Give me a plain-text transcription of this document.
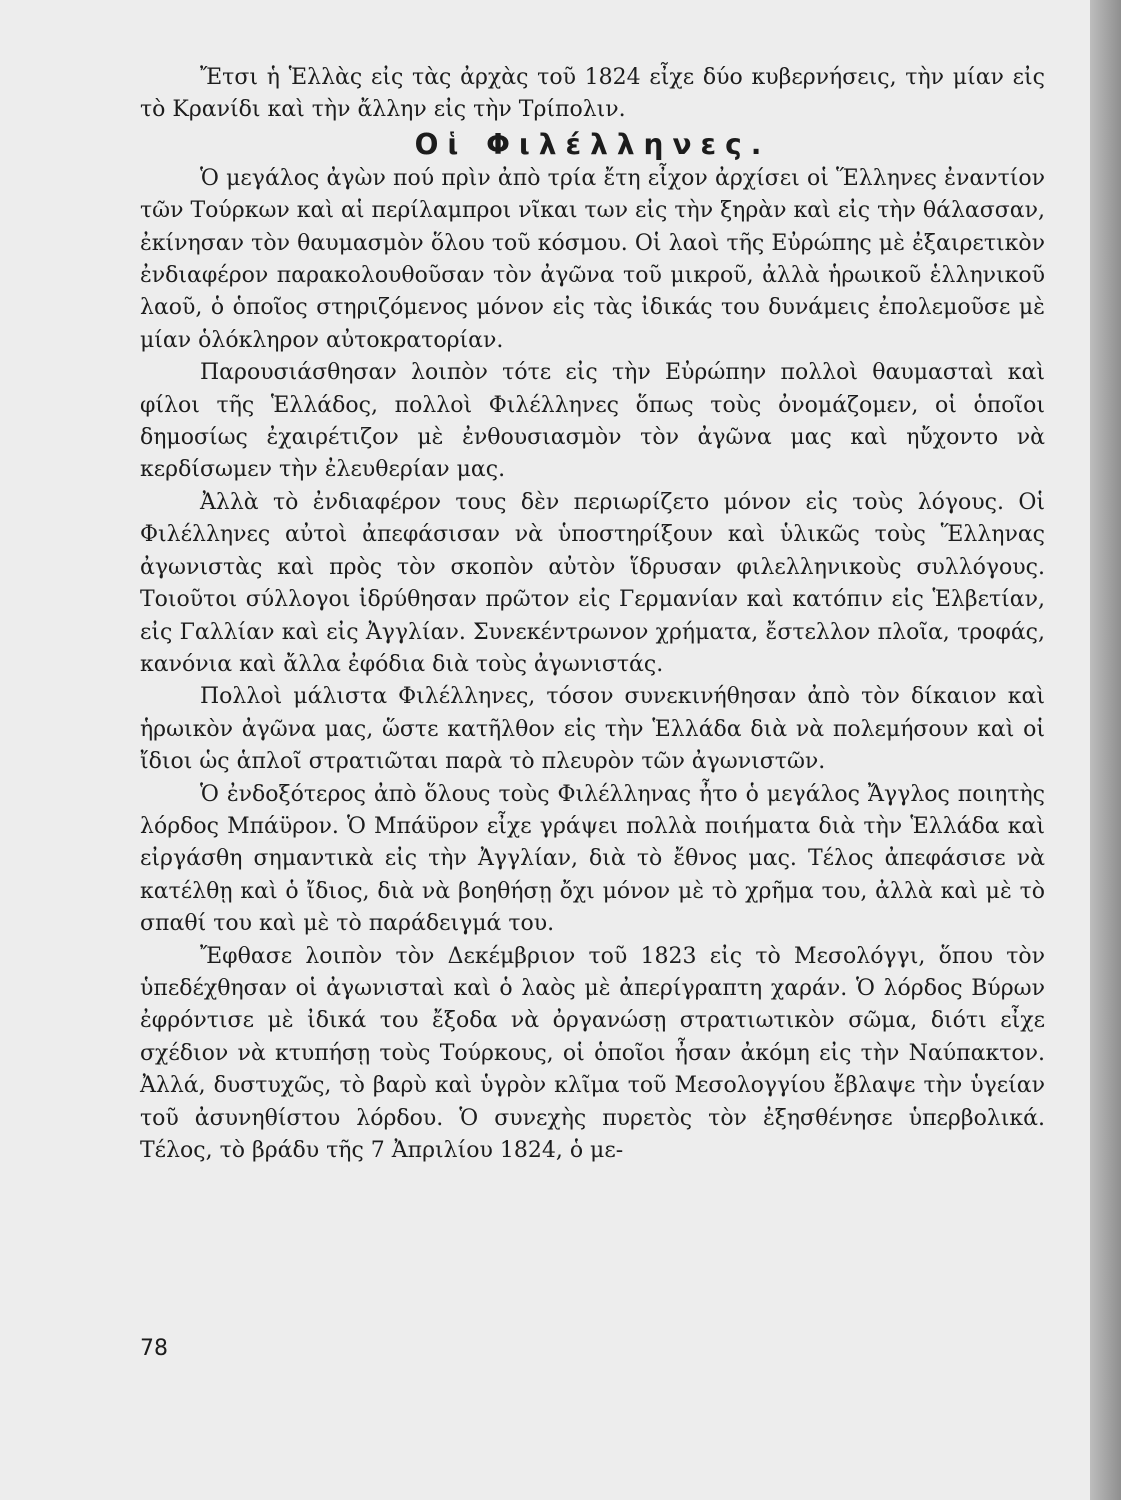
Ἔτσι ἡ Ἑλλὰς εἰς τὰς ἀρχὰς τοῦ 1824 εἶχε δύο κυβερνήσεις, τὴν μίαν εἰς τὸ Κρανίδι καὶ τὴν ἄλλην εἰς τὴν Τρίπολιν.

Οἱ Φιλέλληνες.

Ὁ μεγάλος ἀγὼν πού πρὶν ἀπὸ τρία ἔτη εἶχον ἀρχίσει οἱ Ἕλληνες ἐναντίον τῶν Τούρκων καὶ αἱ περίλαμπροι νῖκαι των εἰς τὴν ξηρὰν καὶ εἰς τὴν θάλασσαν, ἐκίνησαν τὸν θαυμασμὸν ὅλου τοῦ κόσμου. Οἱ λαοὶ τῆς Εὐρώπης μὲ ἐξαιρετικὸν ἐνδιαφέρον παρακολουθοῦσαν τὸν ἀγῶνα τοῦ μικροῦ, ἀλλὰ ἡρωικοῦ ἑλληνικοῦ λαοῦ, ὁ ὁποῖος στηριζόμενος μόνον εἰς τὰς ἰδικάς του δυνάμεις ἐπολεμοῦσε μὲ μίαν ὁλόκληρον αὐτοκρατορίαν.

Παρουσιάσθησαν λοιπὸν τότε εἰς τὴν Εὐρώπην πολλοὶ θαυμασταὶ καὶ φίλοι τῆς Ἑλλάδος, πολλοὶ Φιλέλληνες ὅπως τοὺς ὀνομάζομεν, οἱ ὁποῖοι δημοσίως ἐχαιρέτιζον μὲ ἐνθουσιασμὸν τὸν ἀγῶνα μας καὶ ηὔχοντο νὰ κερδίσωμεν τὴν ἐλευθερίαν μας.

Ἀλλὰ τὸ ἐνδιαφέρον τους δὲν περιωρίζετο μόνον εἰς τοὺς λόγους. Οἱ Φιλέλληνες αὐτοὶ ἀπεφάσισαν νὰ ὑποστηρίξουν καὶ ὑλικῶς τοὺς Ἕλληνας ἀγωνιστὰς καὶ πρὸς τὸν σκοπὸν αὐτὸν ἵδρυσαν φιλελληνικοὺς συλλόγους. Τοιοῦτοι σύλλογοι ἱδρύθησαν πρῶτον εἰς Γερμανίαν καὶ κατόπιν εἰς Ἑλβετίαν, εἰς Γαλλίαν καὶ εἰς Ἀγγλίαν. Συνεκέντρωνον χρήματα, ἔστελλον πλοῖα, τροφάς, κανόνια καὶ ἄλλα ἐφόδια διὰ τοὺς ἀγωνιστάς.

Πολλοὶ μάλιστα Φιλέλληνες, τόσον συνεκινήθησαν ἀπὸ τὸν δίκαιον καὶ ἡρωικὸν ἀγῶνα μας, ὥστε κατῆλθον εἰς τὴν Ἑλλάδα διὰ νὰ πολεμήσουν καὶ οἱ ἴδιοι ὡς ἁπλοῖ στρατιῶται παρὰ τὸ πλευρὸν τῶν ἀγωνιστῶν.

Ὁ ἐνδοξότερος ἀπὸ ὅλους τοὺς Φιλέλληνας ἦτο ὁ μεγάλος Ἄγγλος ποιητὴς λόρδος Μπάϋρον. Ὁ Μπάϋρον εἶχε γράψει πολλὰ ποιήματα διὰ τὴν Ἑλλάδα καὶ εἰργάσθη σημαντικὰ εἰς τὴν Ἀγγλίαν, διὰ τὸ ἔθνος μας. Τέλος ἀπεφάσισε νὰ κατέλθῃ καὶ ὁ ἴδιος, διὰ νὰ βοηθήσῃ ὄχι μόνον μὲ τὸ χρῆμα του, ἀλλὰ καὶ μὲ τὸ σπαθί του καὶ μὲ τὸ παράδειγμά του.

Ἔφθασε λοιπὸν τὸν Δεκέμβριον τοῦ 1823 εἰς τὸ Μεσολόγγι, ὅπου τὸν ὑπεδέχθησαν οἱ ἀγωνισταὶ καὶ ὁ λαὸς μὲ ἀπερίγραπτη χαράν. Ὁ λόρδος Βύρων ἐφρόντισε μὲ ἰδικά του ἔξοδα νὰ ὀργανώσῃ στρατιωτικὸν σῶμα, διότι εἶχε σχέδιον νὰ κτυπήσῃ τοὺς Τούρκους, οἱ ὁποῖοι ἦσαν ἀκόμη εἰς τὴν Ναύπακτον. Ἀλλά, δυστυχῶς, τὸ βαρὺ καὶ ὑγρὸν κλῖμα τοῦ Μεσολογγίου ἔβλαψε τὴν ὑγείαν τοῦ ἀσυνηθίστου λόρδου. Ὁ συνεχὴς πυρετὸς τὸν ἐξησθένησε ὑπερβολικά. Τέλος, τὸ βράδυ τῆς 7 Ἀπριλίου 1824, ὁ με-

78
